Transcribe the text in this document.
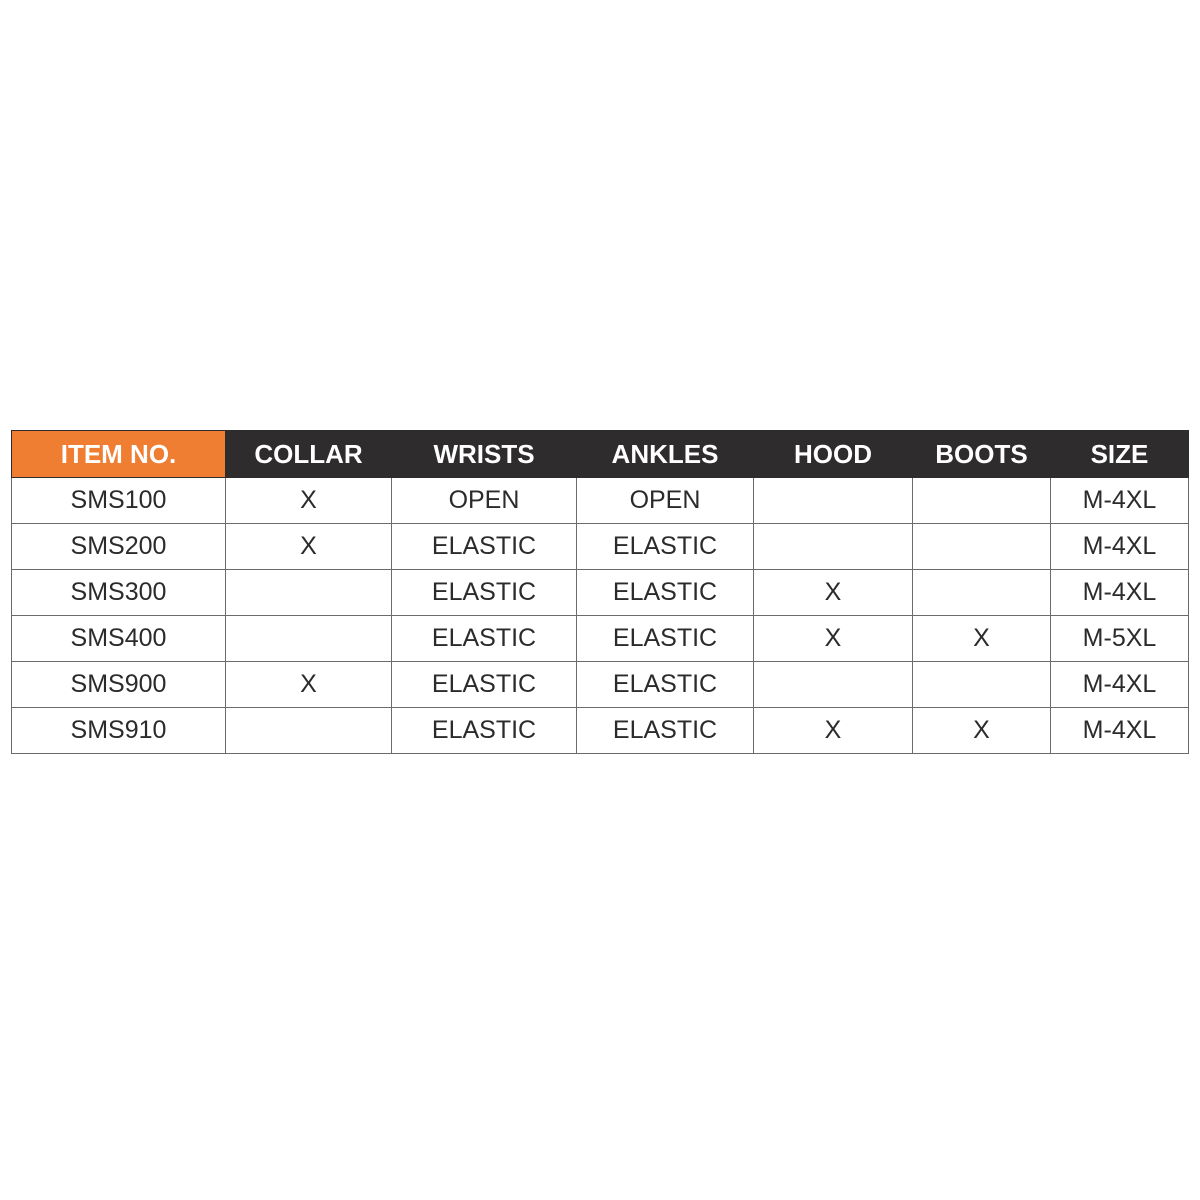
ITEM NO.	COLLAR	WRISTS	ANKLES	HOOD	BOOTS	SIZE
SMS100	X	OPEN	OPEN			M-4XL
SMS200	X	ELASTIC	ELASTIC			M-4XL
SMS300		ELASTIC	ELASTIC	X		M-4XL
SMS400		ELASTIC	ELASTIC	X	X	M-5XL
SMS900	X	ELASTIC	ELASTIC			M-4XL
SMS910		ELASTIC	ELASTIC	X	X	M-4XL
